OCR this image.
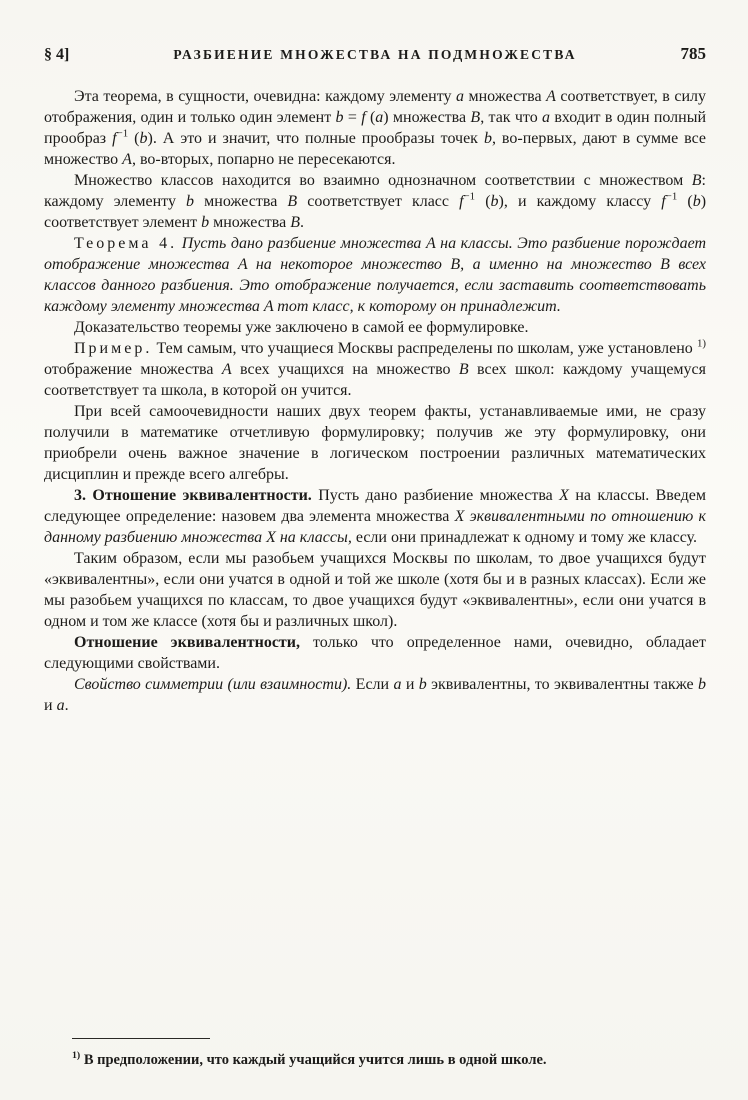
§ 4]	РАЗБИЕНИЕ МНОЖЕСТВА НА ПОДМНОЖЕСТВА	785

Эта теорема, в сущности, очевидна: каждому элементу a множества A соответствует, в силу отображения, один и только один элемент b = f (a) множества B, так что a входит в один полный прообраз $f^{-1}$ (b). А это и значит, что полные прообразы точек b, во-первых, дают в сумме все множество A, во-вторых, попарно не пересекаются.

Множество классов находится во взаимно однозначном соответствии с множеством B: каждому элементу b множества B соответствует класс $f^{-1}$ (b), и каждому классу $f^{-1}$ (b) соответствует элемент b множества B.

Теорема 4. Пусть дано разбиение множества A на классы. Это разбиение порождает отображение множества A на некоторое множество B, а именно на множество B всех классов данного разбиения. Это отображение получается, если заставить соответствовать каждому элементу множества A тот класс, к которому он принадлежит.

Доказательство теоремы уже заключено в самой ее формулировке.

Пример. Тем самым, что учащиеся Москвы распределены по школам, уже установлено $^{1)}$ отображение множества A всех учащихся на множество B всех школ: каждому учащемуся соответствует та школа, в которой он учится.

При всей самоочевидности наших двух теорем факты, устанавливаемые ими, не сразу получили в математике отчетливую формулировку; получив же эту формулировку, они приобрели очень важное значение в логическом построении различных математических дисциплин и прежде всего алгебры.

3. Отношение эквивалентности. Пусть дано разбиение множества X на классы. Введем следующее определение: назовем два элемента множества X эквивалентными по отношению к данному разбиению множества X на классы, если они принадлежат к одному и тому же классу.

Таким образом, если мы разобьем учащихся Москвы по школам, то двое учащихся будут «эквивалентны», если они учатся в одной и той же школе (хотя бы и в разных классах). Если же мы разобьем учащихся по классам, то двое учащихся будут «эквивалентны», если они учатся в одном и том же классе (хотя бы и различных школ).

Отношение эквивалентности, только что определенное нами, очевидно, обладает следующими свойствами.

Свойство симметрии (или взаимности). Если a и b эквивалентны, то эквивалентны также b и a.

$^{1)}$ В предположении, что каждый учащийся учится лишь в одной школе.
